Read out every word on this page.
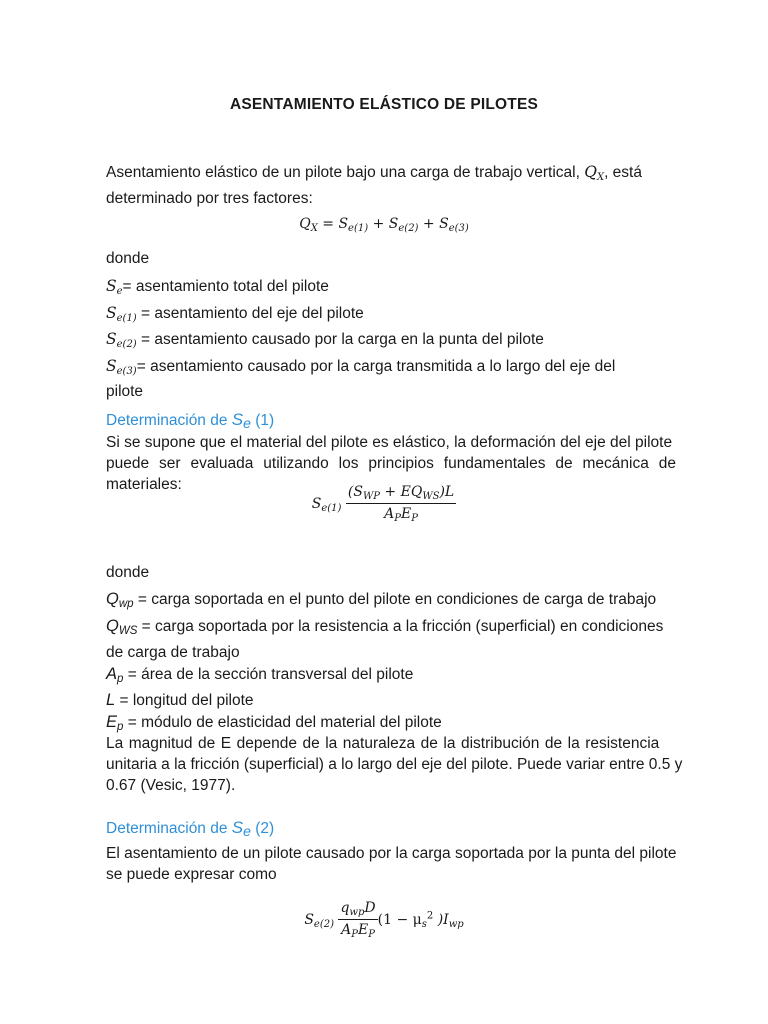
ASENTAMIENTO ELÁSTICO DE PILOTES
Asentamiento elástico de un pilote bajo una carga de trabajo vertical, $Q_X$, está
determinado por tres factores:
$Q_X = S_{e(1)} + S_{e(2)} + S_{e(3)}$
donde
$S_e=$ asentamiento total del pilote
$S_{e(1)}$ = asentamiento del eje del pilote
$S_{e(2)}$ = asentamiento causado por la carga en la punta del pilote
$S_{e(3)}=$ asentamiento causado por la carga transmitida a lo largo del eje del
pilote
Determinación de Se (1)
Si se supone que el material del pilote es elástico, la deformación del eje del pilote
puede ser evaluada utilizando los principios fundamentales de mecánica de
materiales:
$S_{e(1)} \frac{(S_{WP} + EQ_{WS})L}{A_PE_P}$
donde
Qwp = carga soportada en el punto del pilote en condiciones de carga de trabajo
QWS = carga soportada por la resistencia a la fricción (superficial) en condiciones
de carga de trabajo
Ap = área de la sección transversal del pilote
L = longitud del pilote
Ep = módulo de elasticidad del material del pilote
La magnitud de E depende de la naturaleza de la distribución de la resistencia
unitaria a la fricción (superficial) a lo largo del eje del pilote. Puede variar entre 0.5 y
0.67 (Vesic, 1977).
Determinación de Se (2)
El asentamiento de un pilote causado por la carga soportada por la punta del pilote
se puede expresar como
$S_{e(2)} \frac{q_{wp}D}{A_PE_P} (1 - \mu_s^2$ )$I_{wp}$
